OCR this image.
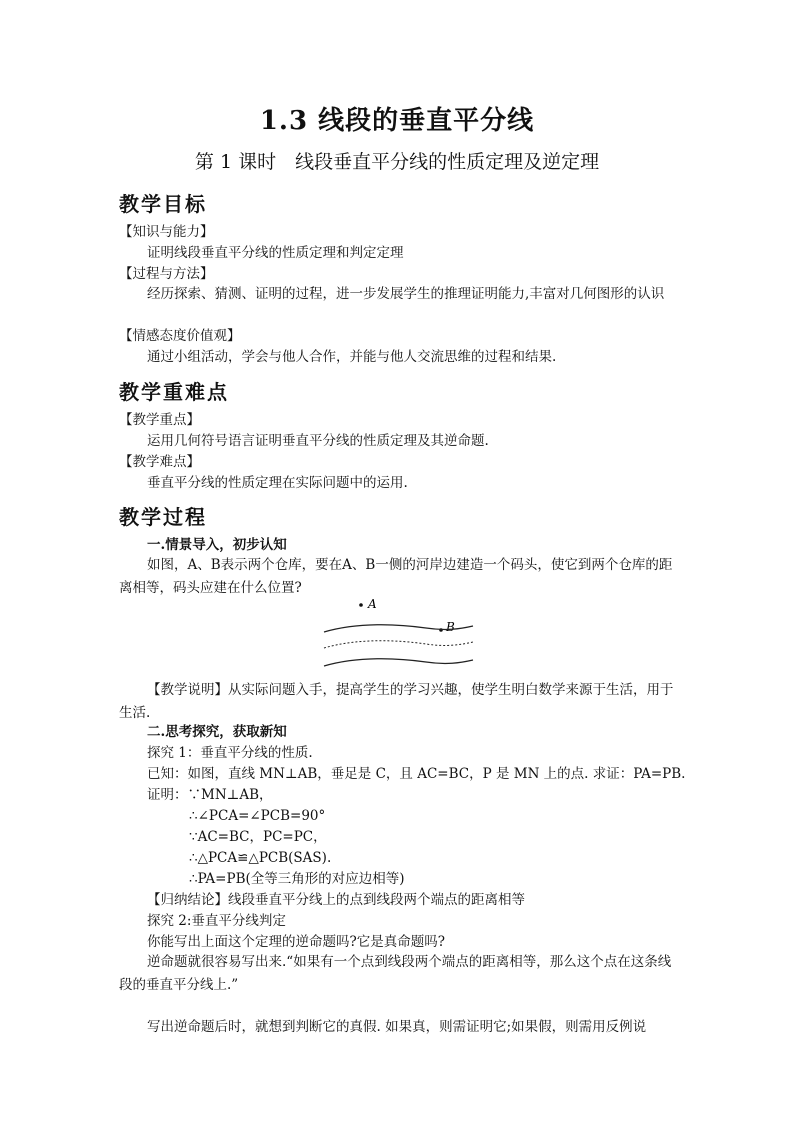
1.3 线段的垂直平分线
第 1 课时　线段垂直平分线的性质定理及逆定理
教学目标
【知识与能力】
证明线段垂直平分线的性质定理和判定定理
【过程与方法】
经历探索、猜测、证明的过程，进一步发展学生的推理证明能力,丰富对几何图形的认识
【情感态度价值观】
通过小组活动，学会与他人合作，并能与他人交流思维的过程和结果.
教学重难点
【教学重点】
运用几何符号语言证明垂直平分线的性质定理及其逆命题.
【教学难点】
垂直平分线的性质定理在实际问题中的运用.
教学过程
一.情景导入，初步认知
如图，A、B表示两个仓库，要在A、B一侧的河岸边建造一个码头，使它到两个仓库的距离相等，码头应建在什么位置?
A
B
【教学说明】从实际问题入手，提高学生的学习兴趣，使学生明白数学来源于生活，用于生活.
二.思考探究，获取新知
探究 1：垂直平分线的性质.
已知：如图，直线 MN⊥AB，垂足是 C，且 AC=BC，P 是 MN 上的点. 求证：PA=PB.
证明：∵MN⊥AB，
∴∠PCA=∠PCB=90°
∵AC=BC，PC=PC，
∴△PCA≌△PCB(SAS).
∴PA=PB(全等三角形的对应边相等)
【归纳结论】线段垂直平分线上的点到线段两个端点的距离相等
探究 2:垂直平分线判定
你能写出上面这个定理的逆命题吗?它是真命题吗?
逆命题就很容易写出来.“如果有一个点到线段两个端点的距离相等，那么这个点在这条线段的垂直平分线上.”
写出逆命题后时，就想到判断它的真假. 如果真，则需证明它;如果假，则需用反例说
